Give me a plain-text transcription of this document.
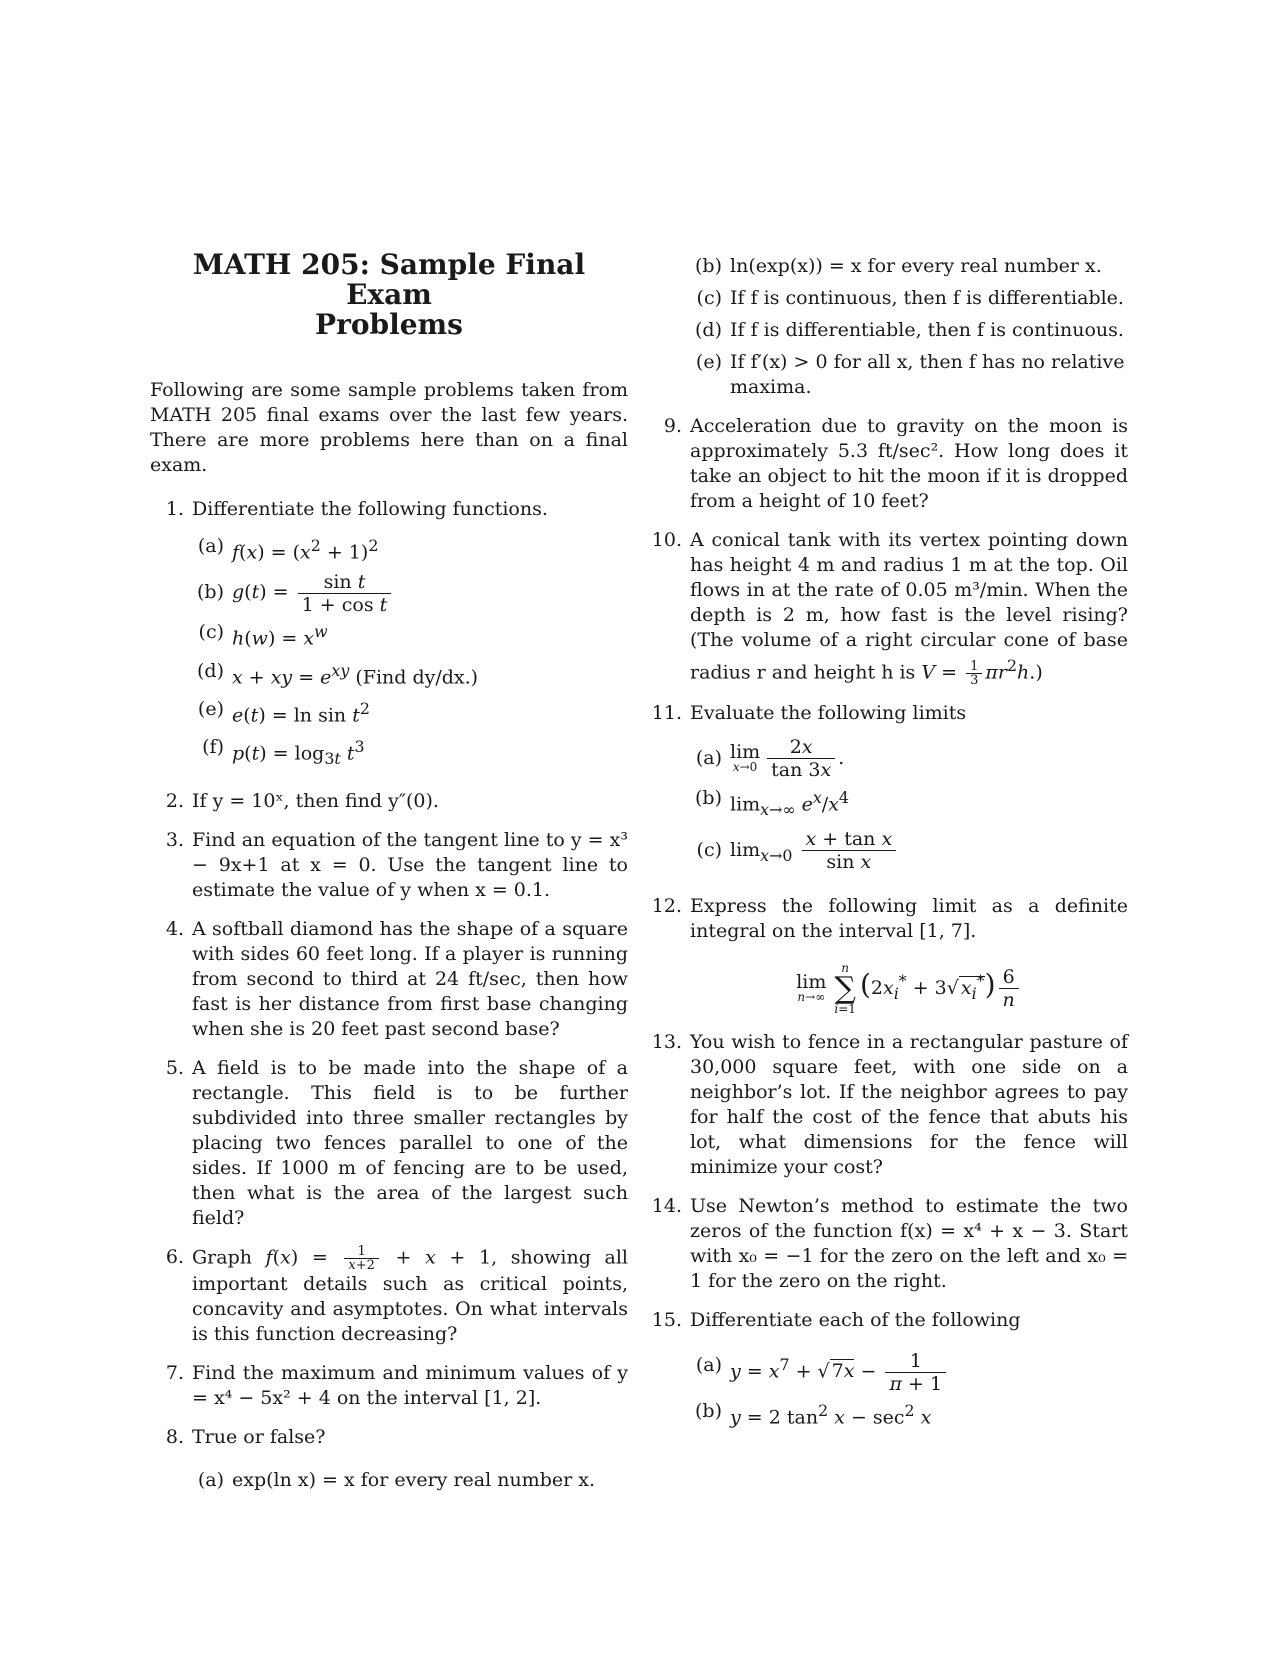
MATH 205: Sample Final Exam
Problems

Following are some sample problems taken from MATH 205 final exams over the last few years. There are more problems here than on a final exam.

1. Differentiate the following functions.
(a) $f(x) = (x^2 + 1)^2$
(b) $g(t) = \frac{\text{sin t}}{\text{1 + cos t}}$
(c) $h(w) = x^w$
(d) x + xy = $e^{xy}$ (Find dy/dx.)
(e) $e(t) = \ln \sin t^2$
(f) $p(t) = \log_{3t} t^3$
2. If y = 10ˣ, then find y″(0).
3. Find an equation of the tangent line to y = x³ − 9x+1 at x = 0. Use the tangent line to estimate the value of y when x = 0.1.
4. A softball diamond has the shape of a square with sides 60 feet long. If a player is running from second to third at 24 ft/sec, then how fast is her distance from first base changing when she is 20 feet past second base?
5. A field is to be made into the shape of a rectangle. This field is to be further subdivided into three smaller rectangles by placing two fences parallel to one of the sides. If 1000 m of fencing are to be used, then what is the area of the largest such field?
6. Graph $f(x) = \frac{1}{x+2} + x + 1$, showing all important details such as critical points, concavity and asymptotes. On what intervals is this function decreasing?
7. Find the maximum and minimum values of y = x⁴ − 5x² + 4 on the interval [1, 2].
8. True or false?
(a) exp(ln x) = x for every real number x.
(b) ln(exp(x)) = x for every real number x.
(c) If f is continuous, then f is differentiable.
(d) If f is differentiable, then f is continuous.
(e) If f′(x) > 0 for all x, then f has no relative maxima.
9. Acceleration due to gravity on the moon is approximately 5.3 ft/sec². How long does it take an object to hit the moon if it is dropped from a height of 10 feet?
10. A conical tank with its vertex pointing down has height 4 m and radius 1 m at the top. Oil flows in at the rate of 0.05 m³/min. When the depth is 2 m, how fast is the level rising? (The volume of a right circular cone of base radius r and height h is $V = \frac{1}{3} \pi r^2h$.)
11. Evaluate the following limits
(a) lim
$x\to 0 \frac{2x}{\tan 3x}$ .
(b) $\lim_{x\to\infty} e^x/x^4$
(c) $\lim_{x\to 0} \frac{\text{x + tan x}}{\text{sin x}}$
12. Express the following limit as a definite integral on the interval [1, 7].
lim
n→∞
n
∑
i=1
($2x_i^* + 3√$ $x_i^*) \frac{6}{n}$
13. You wish to fence in a rectangular pasture of 30,000 square feet, with one side on a neighbor’s lot. If the neighbor agrees to pay for half the cost of the fence that abuts his lot, what dimensions for the fence will minimize your cost?
14. Use Newton’s method to estimate the two zeros of the function f(x) = x⁴ + x − 3. Start with x₀ = −1 for the zero on the left and x₀ = 1 for the zero on the right.
15. Differentiate each of the following
(a) $y = x^7$ + √ $7x - \frac{1}{\pi + 1}$
(b) y = 2 $\tan^2 x - \sec^2 x$
